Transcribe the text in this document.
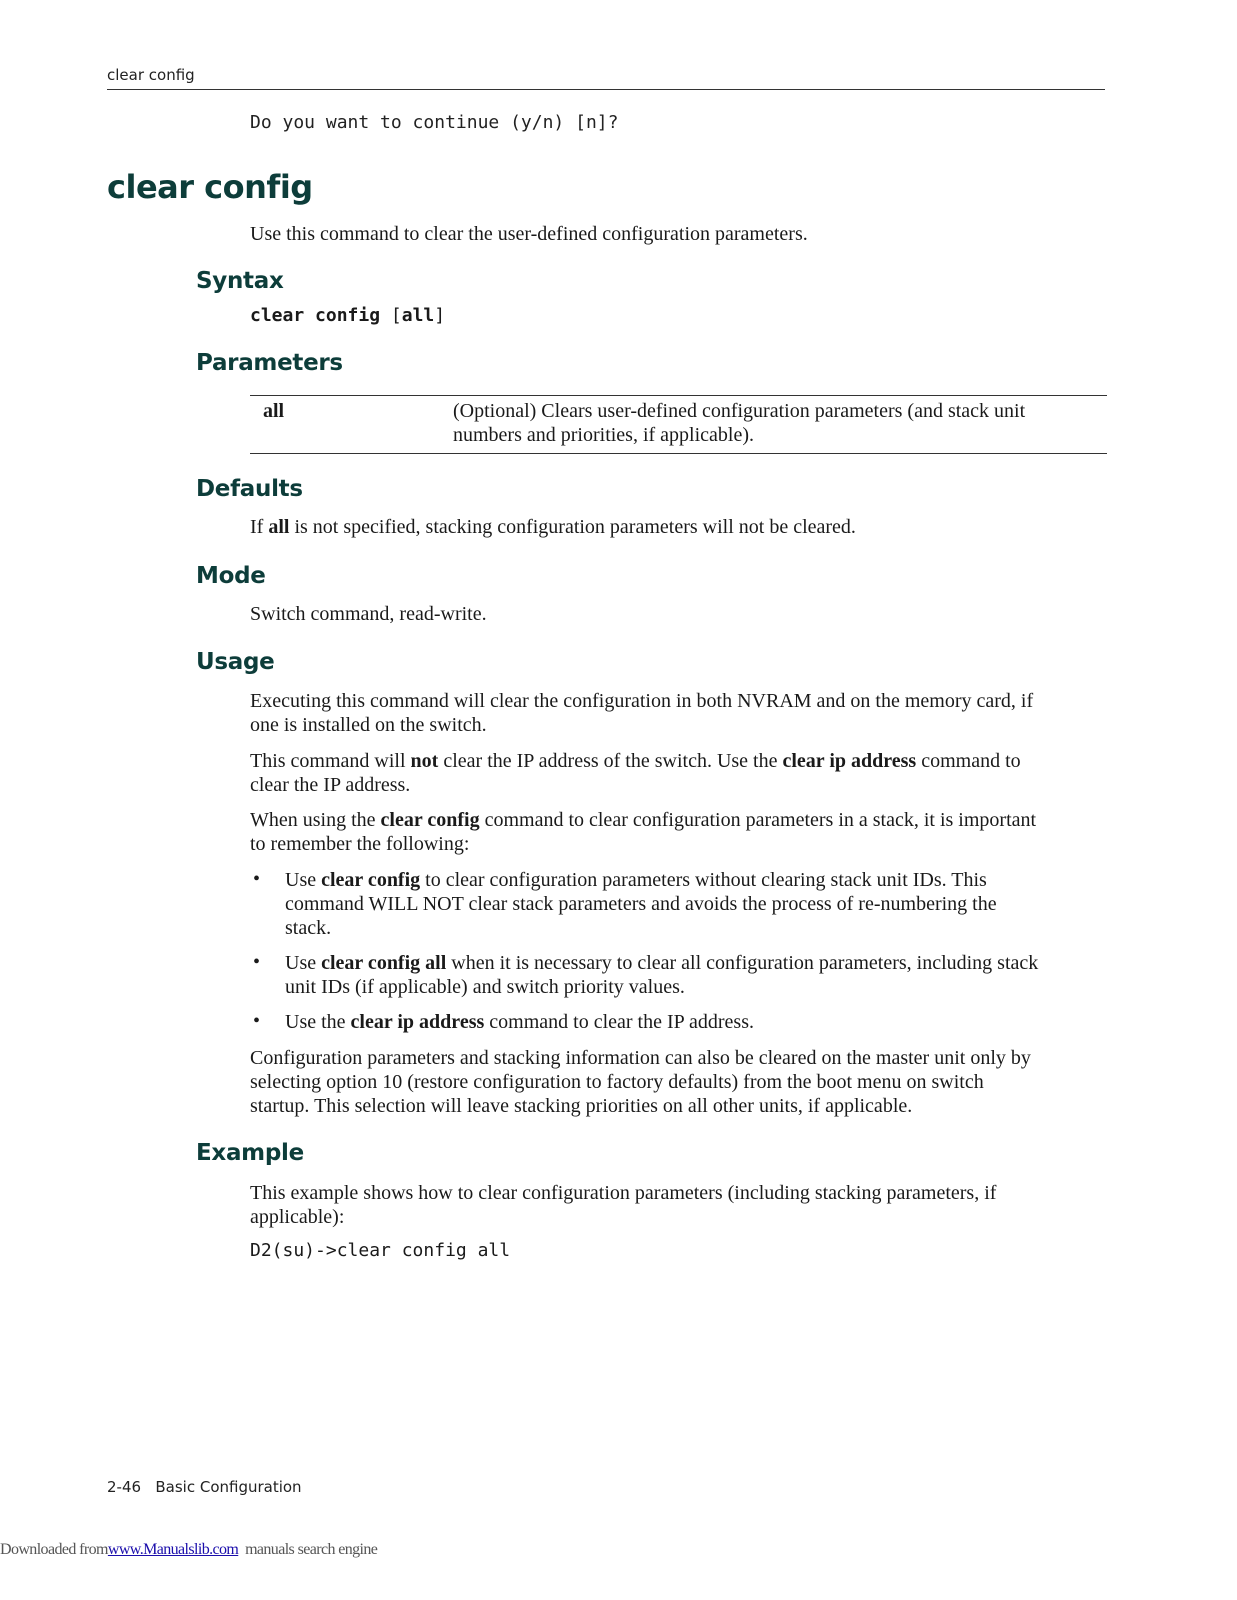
clear config
Do you want to continue (y/n) [n]?
clear config
Use this command to clear the user-defined configuration parameters.
Syntax
clear config [all]
Parameters
all	(Optional) Clears user-defined configuration parameters (and stack unit
numbers and priorities, if applicable).
Defaults
If all is not specified, stacking configuration parameters will not be cleared.
Mode
Switch command, read-write.
Usage
Executing this command will clear the configuration in both NVRAM and on the memory card, if
one is installed on the switch.
This command will not clear the IP address of the switch. Use the clear ip address command to
clear the IP address.
When using the clear config command to clear configuration parameters in a stack, it is important
to remember the following:
• Use clear config to clear configuration parameters without clearing stack unit IDs. This
command WILL NOT clear stack parameters and avoids the process of re-numbering the
stack.
• Use clear config all when it is necessary to clear all configuration parameters, including stack
unit IDs (if applicable) and switch priority values.
• Use the clear ip address command to clear the IP address.
Configuration parameters and stacking information can also be cleared on the master unit only by
selecting option 10 (restore configuration to factory defaults) from the boot menu on switch
startup. This selection will leave stacking priorities on all other units, if applicable.
Example
This example shows how to clear configuration parameters (including stacking parameters, if
applicable):
D2(su)->clear config all
2-46 Basic Configuration
Downloaded fromwww.Manualslib.com manuals search engine
